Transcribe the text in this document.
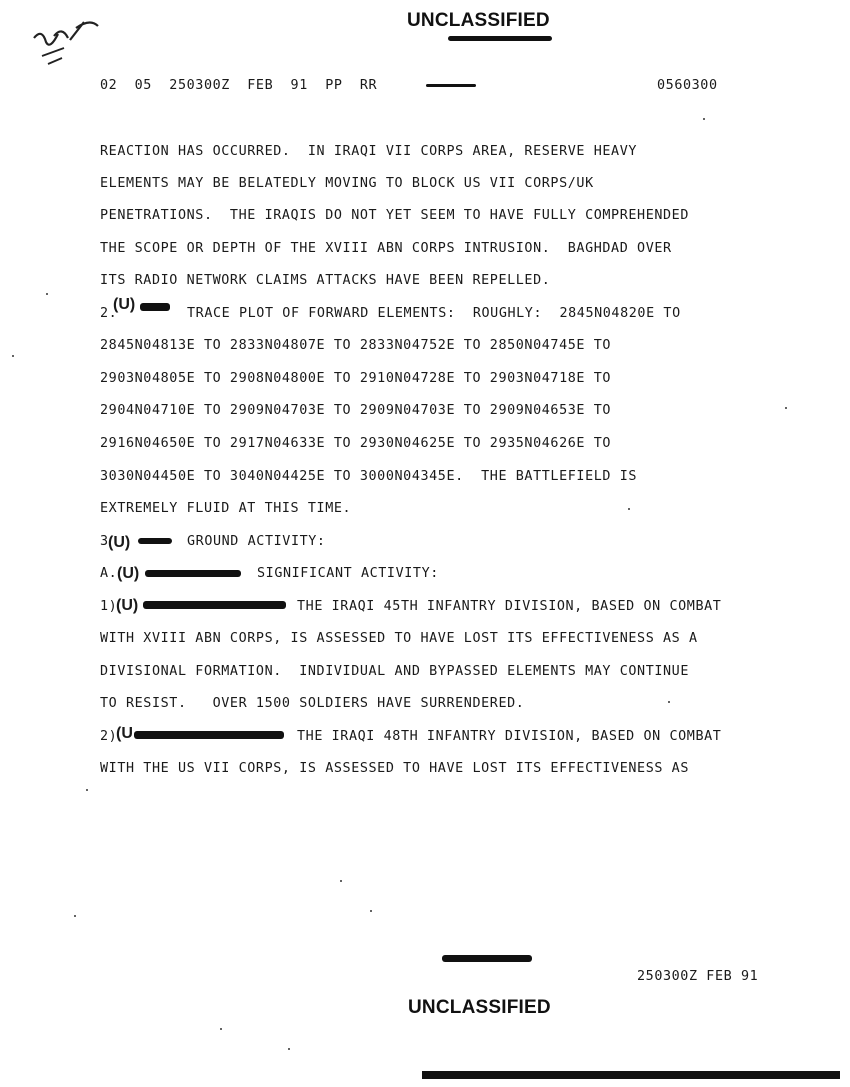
UNCLASSIFIED
02  05  250300Z  FEB  91  PP  RR	0560300
REACTION HAS OCCURRED.  IN IRAQI VII CORPS AREA, RESERVE HEAVY
ELEMENTS MAY BE BELATEDLY MOVING TO BLOCK US VII CORPS/UK
PENETRATIONS.  THE IRAQIS DO NOT YET SEEM TO HAVE FULLY COMPREHENDED
THE SCOPE OR DEPTH OF THE XVIII ABN CORPS INTRUSION.  BAGHDAD OVER
ITS RADIO NETWORK CLAIMS ATTACKS HAVE BEEN REPELLED.
2.
(U)
TRACE PLOT OF FORWARD ELEMENTS:  ROUGHLY:  2845N04820E TO
2845N04813E TO 2833N04807E TO 2833N04752E TO 2850N04745E TO
2903N04805E TO 2908N04800E TO 2910N04728E TO 2903N04718E TO
2904N04710E TO 2909N04703E TO 2909N04703E TO 2909N04653E TO
2916N04650E TO 2917N04633E TO 2930N04625E TO 2935N04626E TO
3030N04450E TO 3040N04425E TO 3000N04345E.  THE BATTLEFIELD IS
EXTREMELY FLUID AT THIS TIME.
3 (U)	GROUND ACTIVITY:
A. (U)	SIGNIFICANT ACTIVITY:
1)
(U)	THE IRAQI 45TH INFANTRY DIVISION, BASED ON COMBAT
WITH XVIII ABN CORPS, IS ASSESSED TO HAVE LOST ITS EFFECTIVENESS AS A
DIVISIONAL FORMATION.  INDIVIDUAL AND BYPASSED ELEMENTS MAY CONTINUE
TO RESIST.   OVER 1500 SOLDIERS HAVE SURRENDERED.
2)
(U	THE IRAQI 48TH INFANTRY DIVISION, BASED ON COMBAT
WITH THE US VII CORPS, IS ASSESSED TO HAVE LOST ITS EFFECTIVENESS AS
250300Z FEB 91
UNCLASSIFIED
